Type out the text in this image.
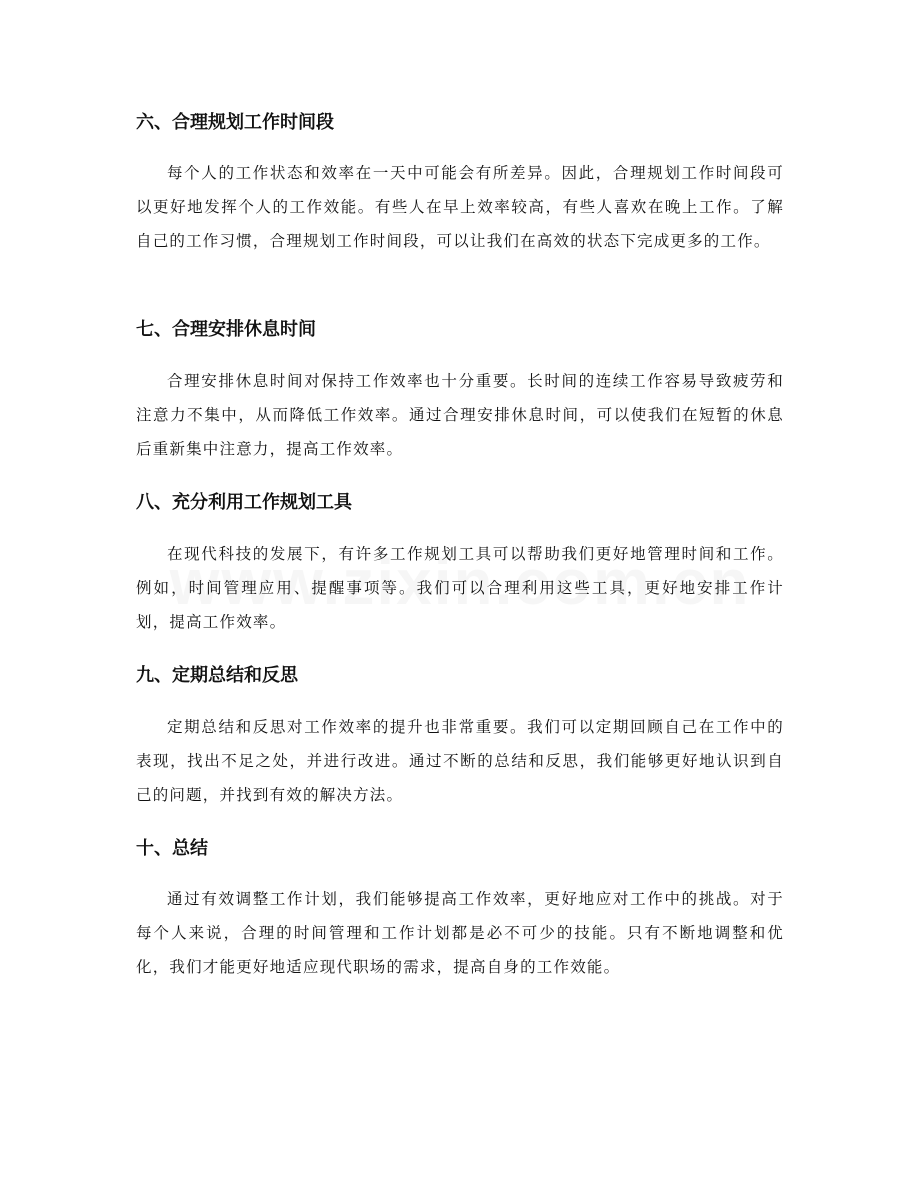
六、合理规划工作时间段

每个人的工作状态和效率在一天中可能会有所差异。因此，合理规划工作时间段可以更好地发挥个人的工作效能。有些人在早上效率较高，有些人喜欢在晚上工作。了解自己的工作习惯，合理规划工作时间段，可以让我们在高效的状态下完成更多的工作。

七、合理安排休息时间

合理安排休息时间对保持工作效率也十分重要。长时间的连续工作容易导致疲劳和注意力不集中，从而降低工作效率。通过合理安排休息时间，可以使我们在短暂的休息后重新集中注意力，提高工作效率。

八、充分利用工作规划工具

在现代科技的发展下，有许多工作规划工具可以帮助我们更好地管理时间和工作。例如，时间管理应用、提醒事项等。我们可以合理利用这些工具，更好地安排工作计划，提高工作效率。

九、定期总结和反思

定期总结和反思对工作效率的提升也非常重要。我们可以定期回顾自己在工作中的表现，找出不足之处，并进行改进。通过不断的总结和反思，我们能够更好地认识到自己的问题，并找到有效的解决方法。

十、总结

通过有效调整工作计划，我们能够提高工作效率，更好地应对工作中的挑战。对于每个人来说，合理的时间管理和工作计划都是必不可少的技能。只有不断地调整和优化，我们才能更好地适应现代职场的需求，提高自身的工作效能。
